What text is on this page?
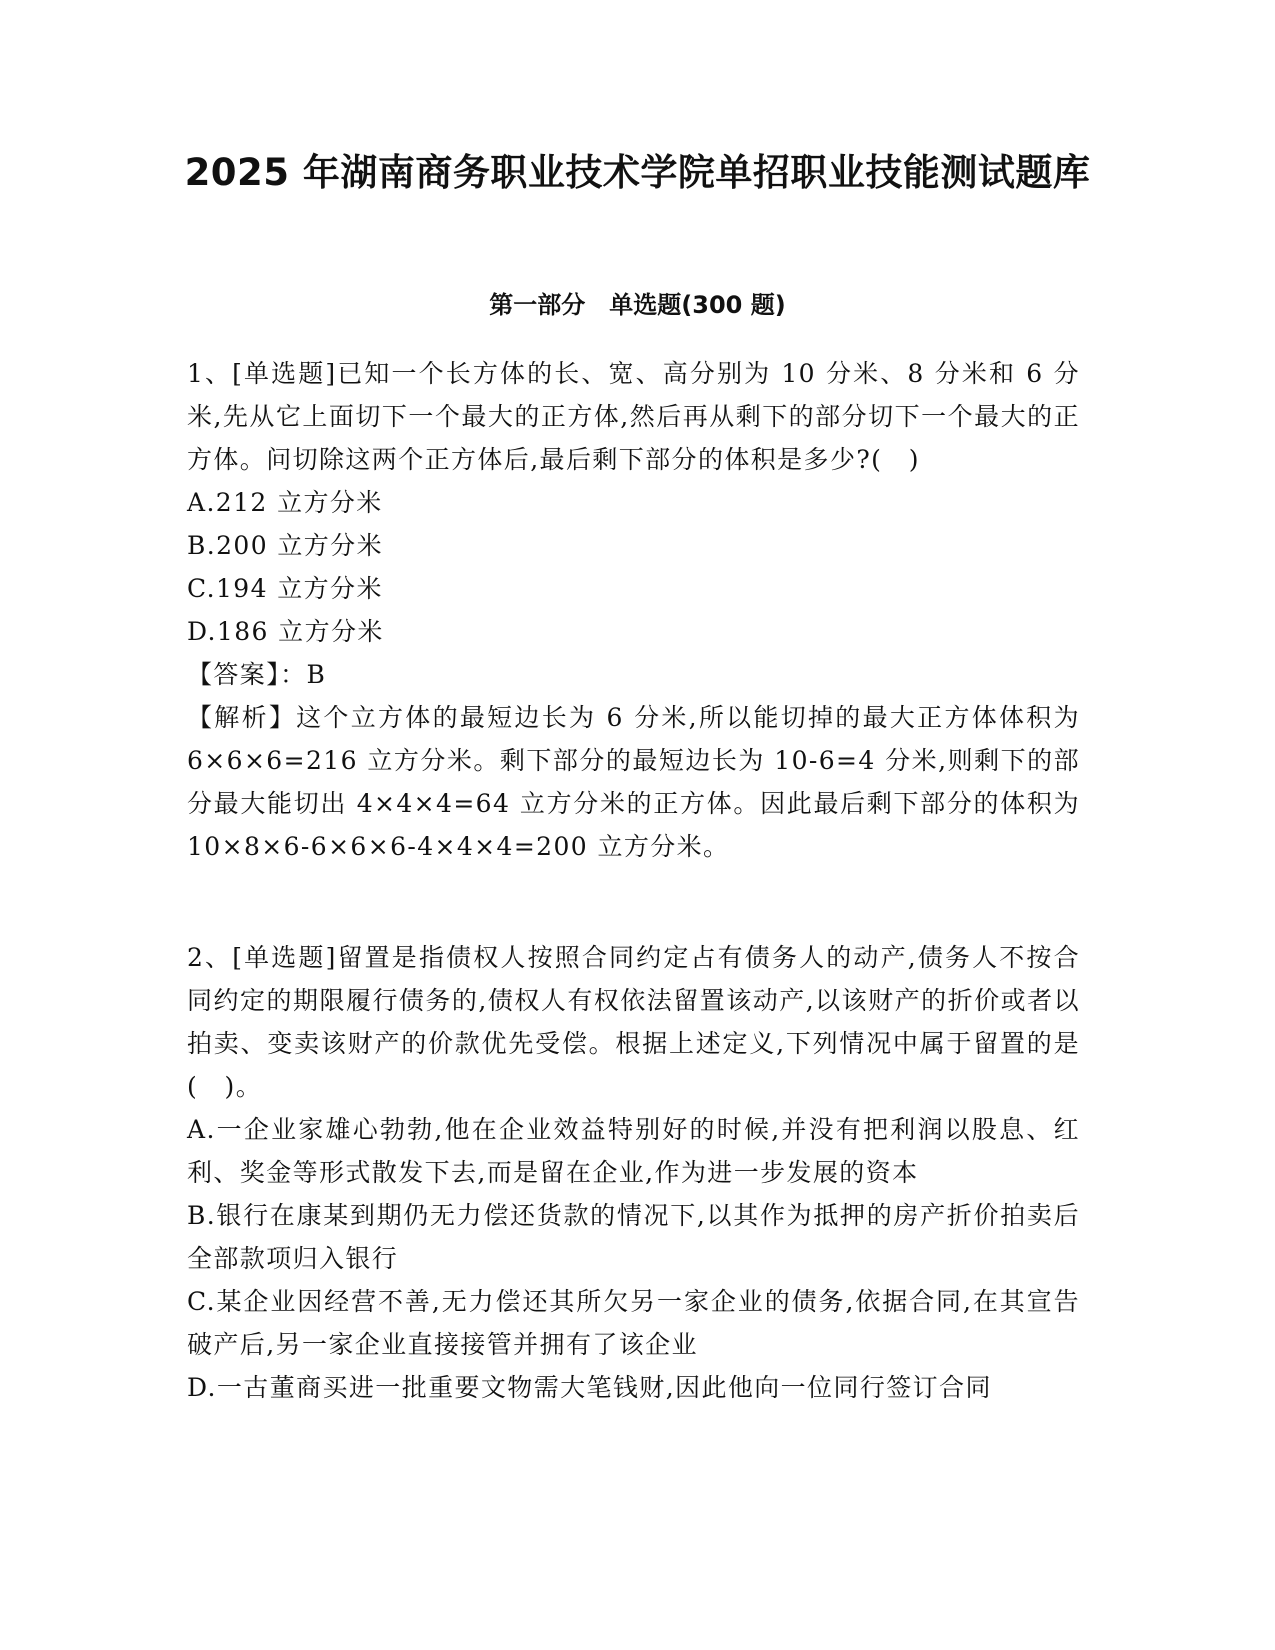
2025 年湖南商务职业技术学院单招职业技能测试题库
第一部分　单选题(300 题)

1、[单选题]已知一个长方体的长、宽、高分别为 10 分米、8 分米和 6 分米,先从它上面切下一个最大的正方体,然后再从剩下的部分切下一个最大的正方体。问切除这两个正方体后,最后剩下部分的体积是多少?(　)

A.212 立方分米

B.200 立方分米

C.194 立方分米

D.186 立方分米

【答案】：B

【解析】这个立方体的最短边长为 6 分米,所以能切掉的最大正方体体积为 6×6×6=216 立方分米。剩下部分的最短边长为 10-6=4 分米,则剩下的部分最大能切出 4×4×4=64 立方分米的正方体。因此最后剩下部分的体积为 10×8×6-6×6×6-4×4×4=200 立方分米。

2、[单选题]留置是指债权人按照合同约定占有债务人的动产,债务人不按合同约定的期限履行债务的,债权人有权依法留置该动产,以该财产的折价或者以拍卖、变卖该财产的价款优先受偿。根据上述定义,下列情况中属于留置的是(　)。

A.一企业家雄心勃勃,他在企业效益特别好的时候,并没有把利润以股息、红利、奖金等形式散发下去,而是留在企业,作为进一步发展的资本

B.银行在康某到期仍无力偿还货款的情况下,以其作为抵押的房产折价拍卖后全部款项归入银行

C.某企业因经营不善,无力偿还其所欠另一家企业的债务,依据合同,在其宣告破产后,另一家企业直接接管并拥有了该企业

D.一古董商买进一批重要文物需大笔钱财,因此他向一位同行签订合同
